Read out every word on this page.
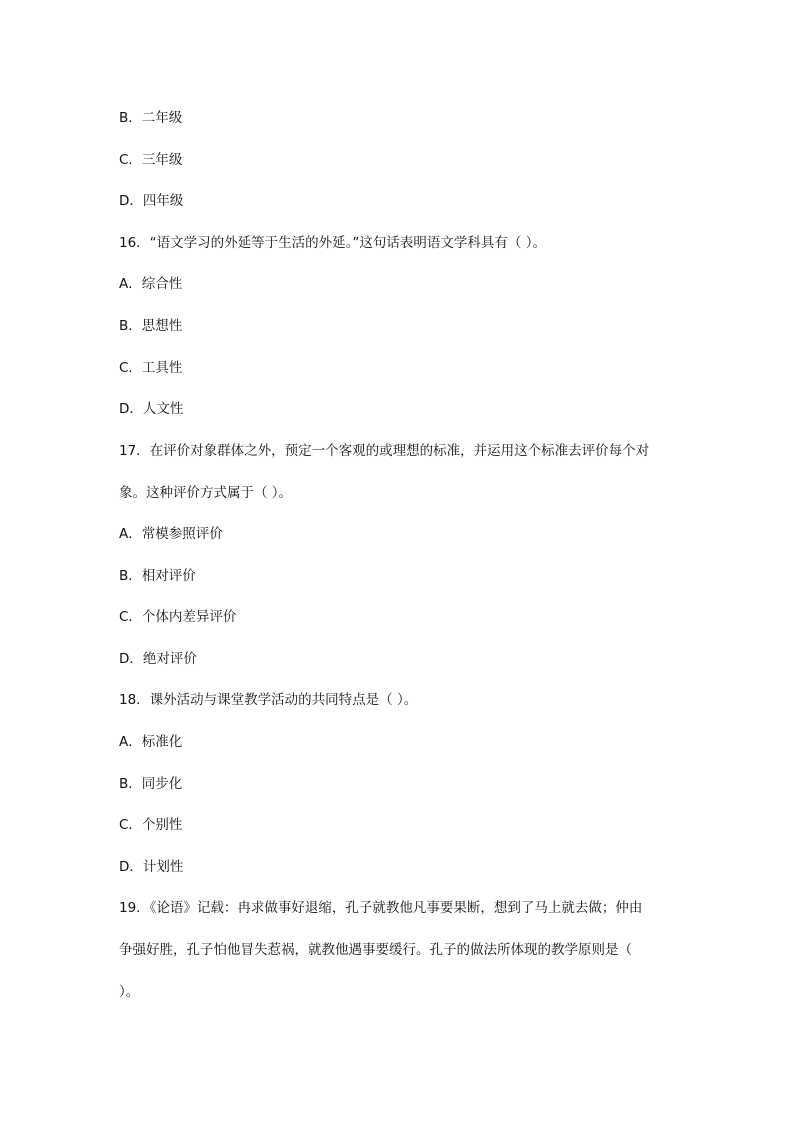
B．二年级
C．三年级
D．四年级
16．“语文学习的外延等于生活的外延。”这句话表明语文学科具有（ ）。
A．综合性
B．思想性
C．工具性
D．人文性
17．在评价对象群体之外，预定一个客观的或理想的标准，并运用这个标准去评价每个对
象。这种评价方式属于（ ）。
A．常模参照评价
B．相对评价
C．个体内差异评价
D．绝对评价
18．课外活动与课堂教学活动的共同特点是（ ）。
A．标准化
B．同步化
C．个别性
D．计划性
19．《论语》记载：冉求做事好退缩，孔子就教他凡事要果断，想到了马上就去做；仲由
争强好胜，孔子怕他冒失惹祸，就教他遇事要缓行。孔子的做法所体现的教学原则是（
）。
